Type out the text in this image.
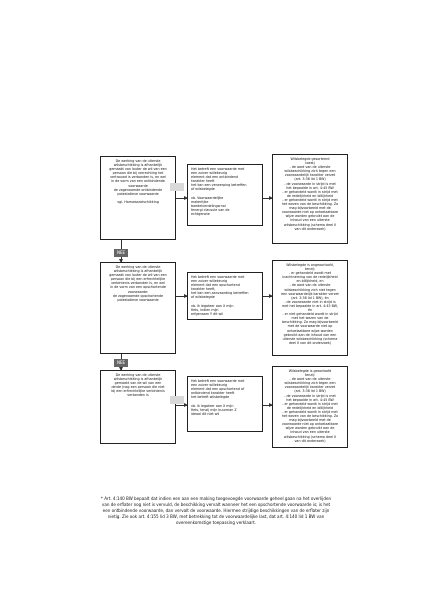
De werking van de uiterste
wilsbeschikking is afhankelijk
gemaakt van louter de wil van een
persoon die bij verrechting het
vertrouwd is verbonden is, en wel
in de vorm van een ontbindende
voorwaarde
de zogenaamde ontbindende
potestatieve voorwaarde

vgl. Hamwaaratschikking
Het betreft een voorwaarde met
een zuiver willekeurig
element dat een ontbindend
karakter heeft
het kan een verwerping betreffen
of wilsbelegde

vb. Voorwaardelijke
makeritjke
boedelverdelingsrnal
fenergi clausule van de
echtgenote
Wilsbelegde gesorteerd
toestj
- de aard van de uiterste
wilsbeschikking zich tegen een
voorwaardelijk karakter verzet
(art. 3:38 lid 1 BW)
- de voorwaarde in strijd is met
het bepaalde in art. 4:45 BW
- er gehandeld wordt in strijd met
de redelijkheid en billijkheid
- er gehandeld wordt in strijd met
het wezen van de beschikking. Zo
mag bijvoorbeeld met de
voorwaarde niet op ontoelaatbare
wijze worden gebruikt aan de
inhoud van een uiterste
wilsbeschikking (schema deel II
van dit onderzoek)
NEE
De werking van de uiterste
wilsbeschikking is afhankelijk
gemaakt van louter de wil van een
persoon die bij een erfrechtelijke
verbintenis verbonden is, en wel
in de vorm van een opschortende
voorwaarde:
de zogenaamde opschortende
potestatieve voorwaarde
Het betreft een voorwaarde met
een zuiver willekeurig
element dat een opschortend
karakter heeft,
het kan een aanvaarding betreffen
of wilsbelegde

vb. ik legateer aan X mijn
fiets, indien mijn
erfgenaam Y dit wil
Wilsbelegde is ongeoorloofd,
tenzij:
- er gehandeld wordt met
inachtneming van de redelijkheid
en billijkheid, en
- de aard van de uiterste
wilsbeschikking zich niet tegen
een voorwaardelijk karakter verzet
(art. 3:38 lid 1 BW), én
- de voorwaarde niet in strijd is
met het bepaalde in art. 4:45 BW,
én
- er niet gehandeld wordt in strijd
met het wezen van de
beschikking. Zo mag bijvoorbeeld
met de voorwaarde niet op
ontoelaatbare wijze worden
gebruikt aan de inhoud van een
uiterste wilsbeschikking (schema
deel II van dit onderzoek)
NEE
De werking van de uiterste
wilsbeschikking is afhankelijk
gemaakt van de wil van een
derde (nog een persoon die niet
bij een erfrechtelijke verbintenis
verbonden is
Het betreft een voorwaarde met
een zuiver willekeurig
element dat een opschortend of
ontbindend karakter heeft
het betreft wilsbelegde

vb. ik legateer aan X mijn
fiets, tenzij mijn buurman Z
ideaal dit niet wil
Wilsbelegde is geoorloofd
tenzij:
- de aard van de uiterste
wilsbeschikking zich tegen een
voorwaardelijk karakter verzet
(art. 3:38 lid 1 BW)
- de voorwaarde in strijd is met
het bepaalde in art. 4:45 BW
- er gehandeld wordt in strijd met
de redelijkheid en billijkheid
- er gehandeld wordt in strijd met
het wezen van de beschikking. Zo
mag bijvoorbeeld met de
voorwaarde niet op ontoelaatbare
wijze worden gebruikt aan de
inhoud van een uiterste
wilsbeschikking (schema deel II
van dit onderzoek)
* Art. 4:140 BW bepaalt dat indien een aan een making toegevoegde voorwaarde geheel gaan na het overlijden van de erflater nog niet is vervuld, de beschikking vervalt wanneer het een opschortende voorwaarde is; is het een ontbindende voorwaarde, dan vervalt de voorwaarde. Hiermee strijdige beschikkingen van de erflater zijn nietig. Zie ook art. 4:155 lid 3 BW, met betrekking tot de voorwaardelijke last, dat art. 4:140 lid 1 BW van overeenkomstige toepassing verklaart.
